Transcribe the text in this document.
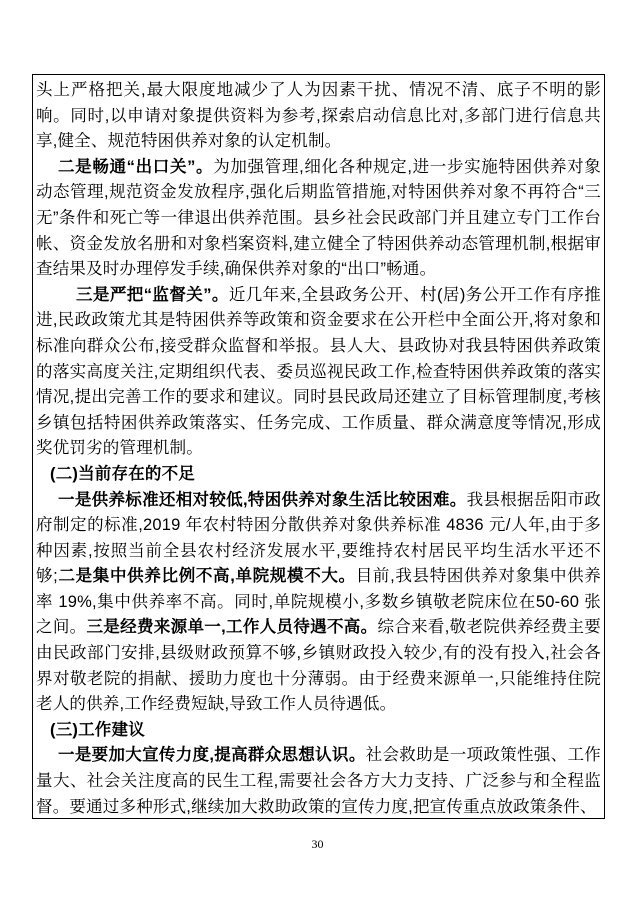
头上严格把关,最大限度地减少了人为因素干扰、情况不清、底子不明的影响。同时,以申请对象提供资料为参考,探索启动信息比对,多部门进行信息共享,健全、规范特困供养对象的认定机制。

二是畅通“出口关”。为加强管理,细化各种规定,进一步实施特困供养对象动态管理,规范资金发放程序,强化后期监管措施,对特困供养对象不再符合“三无”条件和死亡等一律退出供养范围。县乡社会民政部门并且建立专门工作台帐、资金发放名册和对象档案资料,建立健全了特困供养动态管理机制,根据审查结果及时办理停发手续,确保供养对象的“出口”畅通。

三是严把“监督关”。近几年来,全县政务公开、村(居)务公开工作有序推进,民政政策尤其是特困供养等政策和资金要求在公开栏中全面公开,将对象和标准向群众公布,接受群众监督和举报。县人大、县政协对我县特困供养政策的落实高度关注,定期组织代表、委员巡视民政工作,检查特困供养政策的落实情况,提出完善工作的要求和建议。同时县民政局还建立了目标管理制度,考核乡镇包括特困供养政策落实、任务完成、工作质量、群众满意度等情况,形成奖优罚劣的管理机制。

(二)当前存在的不足

一是供养标准还相对较低,特困供养对象生活比较困难。我县根据岳阳市政府制定的标准,2019 年农村特困分散供养对象供养标准 4836 元/人年,由于多种因素,按照当前全县农村经济发展水平,要维持农村居民平均生活水平还不够;二是集中供养比例不高,单院规模不大。目前,我县特困供养对象集中供养率 19%,集中供养率不高。同时,单院规模小,多数乡镇敬老院床位在50-60 张之间。三是经费来源单一,工作人员待遇不高。综合来看,敬老院供养经费主要由民政部门安排,县级财政预算不够,乡镇财政投入较少,有的没有投入,社会各界对敬老院的捐献、援助力度也十分薄弱。由于经费来源单一,只能维持住院老人的供养,工作经费短缺,导致工作人员待遇低。

(三)工作建议

一是要加大宣传力度,提高群众思想认识。社会救助是一项政策性强、工作量大、社会关注度高的民生工程,需要社会各方大力支持、广泛参与和全程监督。要通过多种形式,继续加大救助政策的宣传力度,把宣传重点放政策条件、

30
